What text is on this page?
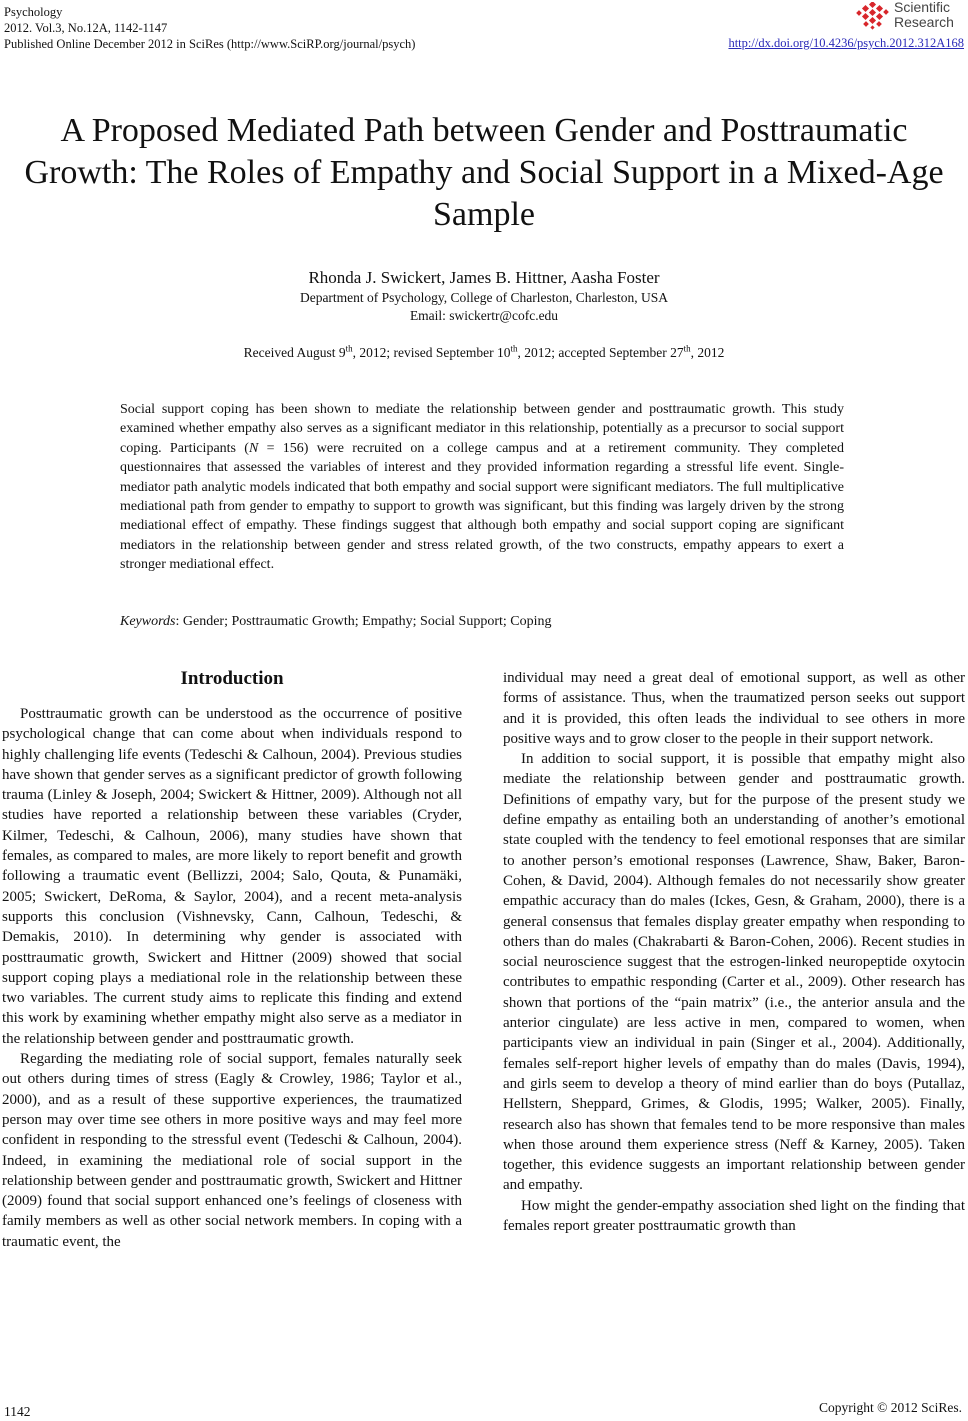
Psychology
2012. Vol.3, No.12A, 1142-1147
Published Online December 2012 in SciRes (http://www.SciRP.org/journal/psych)
Scientific
Research
http://dx.doi.org/10.4236/psych.2012.312A168
A Proposed Mediated Path between Gender and Posttraumatic Growth: The Roles of Empathy and Social Support in a Mixed-Age Sample
Rhonda J. Swickert, James B. Hittner, Aasha Foster
Department of Psychology, College of Charleston, Charleston, USA
Email: swickertr@cofc.edu
Received August 9th, 2012; revised September 10th, 2012; accepted September 27th, 2012
Social support coping has been shown to mediate the relationship between gender and posttraumatic growth. This study examined whether empathy also serves as a significant mediator in this relationship, potentially as a precursor to social support coping. Participants (N = 156) were recruited on a college campus and at a retirement community. They completed questionnaires that assessed the variables of interest and they provided information regarding a stressful life event. Single-mediator path analytic models indicated that both empathy and social support were significant mediators. The full multiplicative mediational path from gender to empathy to support to growth was significant, but this finding was largely driven by the strong mediational effect of empathy. These findings suggest that although both empathy and social support coping are significant mediators in the relationship between gender and stress related growth, of the two constructs, empathy appears to exert a stronger mediational effect.
Keywords: Gender; Posttraumatic Growth; Empathy; Social Support; Coping
Introduction

Posttraumatic growth can be understood as the occurrence of positive psychological change that can come about when individuals respond to highly challenging life events (Tedeschi & Calhoun, 2004). Previous studies have shown that gender serves as a significant predictor of growth following trauma (Linley & Joseph, 2004; Swickert & Hittner, 2009). Although not all studies have reported a relationship between these variables (Cryder, Kilmer, Tedeschi, & Calhoun, 2006), many studies have shown that females, as compared to males, are more likely to report benefit and growth following a traumatic event (Bellizzi, 2004; Salo, Qouta, & Punamäki, 2005; Swickert, DeRoma, & Saylor, 2004), and a recent meta-analysis supports this conclusion (Vishnevsky, Cann, Calhoun, Tedeschi, & Demakis, 2010). In determining why gender is associated with posttraumatic growth, Swickert and Hittner (2009) showed that social support coping plays a mediational role in the relationship between these two variables. The current study aims to replicate this finding and extend this work by examining whether empathy might also serve as a mediator in the relationship between gender and posttraumatic growth.

Regarding the mediating role of social support, females naturally seek out others during times of stress (Eagly & Crowley, 1986; Taylor et al., 2000), and as a result of these supportive experiences, the traumatized person may over time see others in more positive ways and may feel more confident in responding to the stressful event (Tedeschi & Calhoun, 2004). Indeed, in examining the mediational role of social support in the relationship between gender and posttraumatic growth, Swickert and Hittner (2009) found that social support enhanced one’s feelings of closeness with family members as well as other social network members. In coping with a traumatic event, the

individual may need a great deal of emotional support, as well as other forms of assistance. Thus, when the traumatized person seeks out support and it is provided, this often leads the individual to see others in more positive ways and to grow closer to the people in their support network.

In addition to social support, it is possible that empathy might also mediate the relationship between gender and posttraumatic growth. Definitions of empathy vary, but for the purpose of the present study we define empathy as entailing both an understanding of another’s emotional state coupled with the tendency to feel emotional responses that are similar to another person’s emotional responses (Lawrence, Shaw, Baker, Baron-Cohen, & David, 2004). Although females do not necessarily show greater empathic accuracy than do males (Ickes, Gesn, & Graham, 2000), there is a general consensus that females display greater empathy when responding to others than do males (Chakrabarti & Baron-Cohen, 2006). Recent studies in social neuroscience suggest that the estrogen-linked neuropeptide oxytocin contributes to empathic responding (Carter et al., 2009). Other research has shown that portions of the “pain matrix” (i.e., the anterior ansula and the anterior cingulate) are less active in men, compared to women, when participants view an individual in pain (Singer et al., 2004). Additionally, females self-report higher levels of empathy than do males (Davis, 1994), and girls seem to develop a theory of mind earlier than do boys (Putallaz, Hellstern, Sheppard, Grimes, & Glodis, 1995; Walker, 2005). Finally, research also has shown that females tend to be more responsive than males when those around them experience stress (Neff & Karney, 2005). Taken together, this evidence suggests an important relationship between gender and empathy.

How might the gender-empathy association shed light on the finding that females report greater posttraumatic growth than

1142	Copyright © 2012 SciRes.
